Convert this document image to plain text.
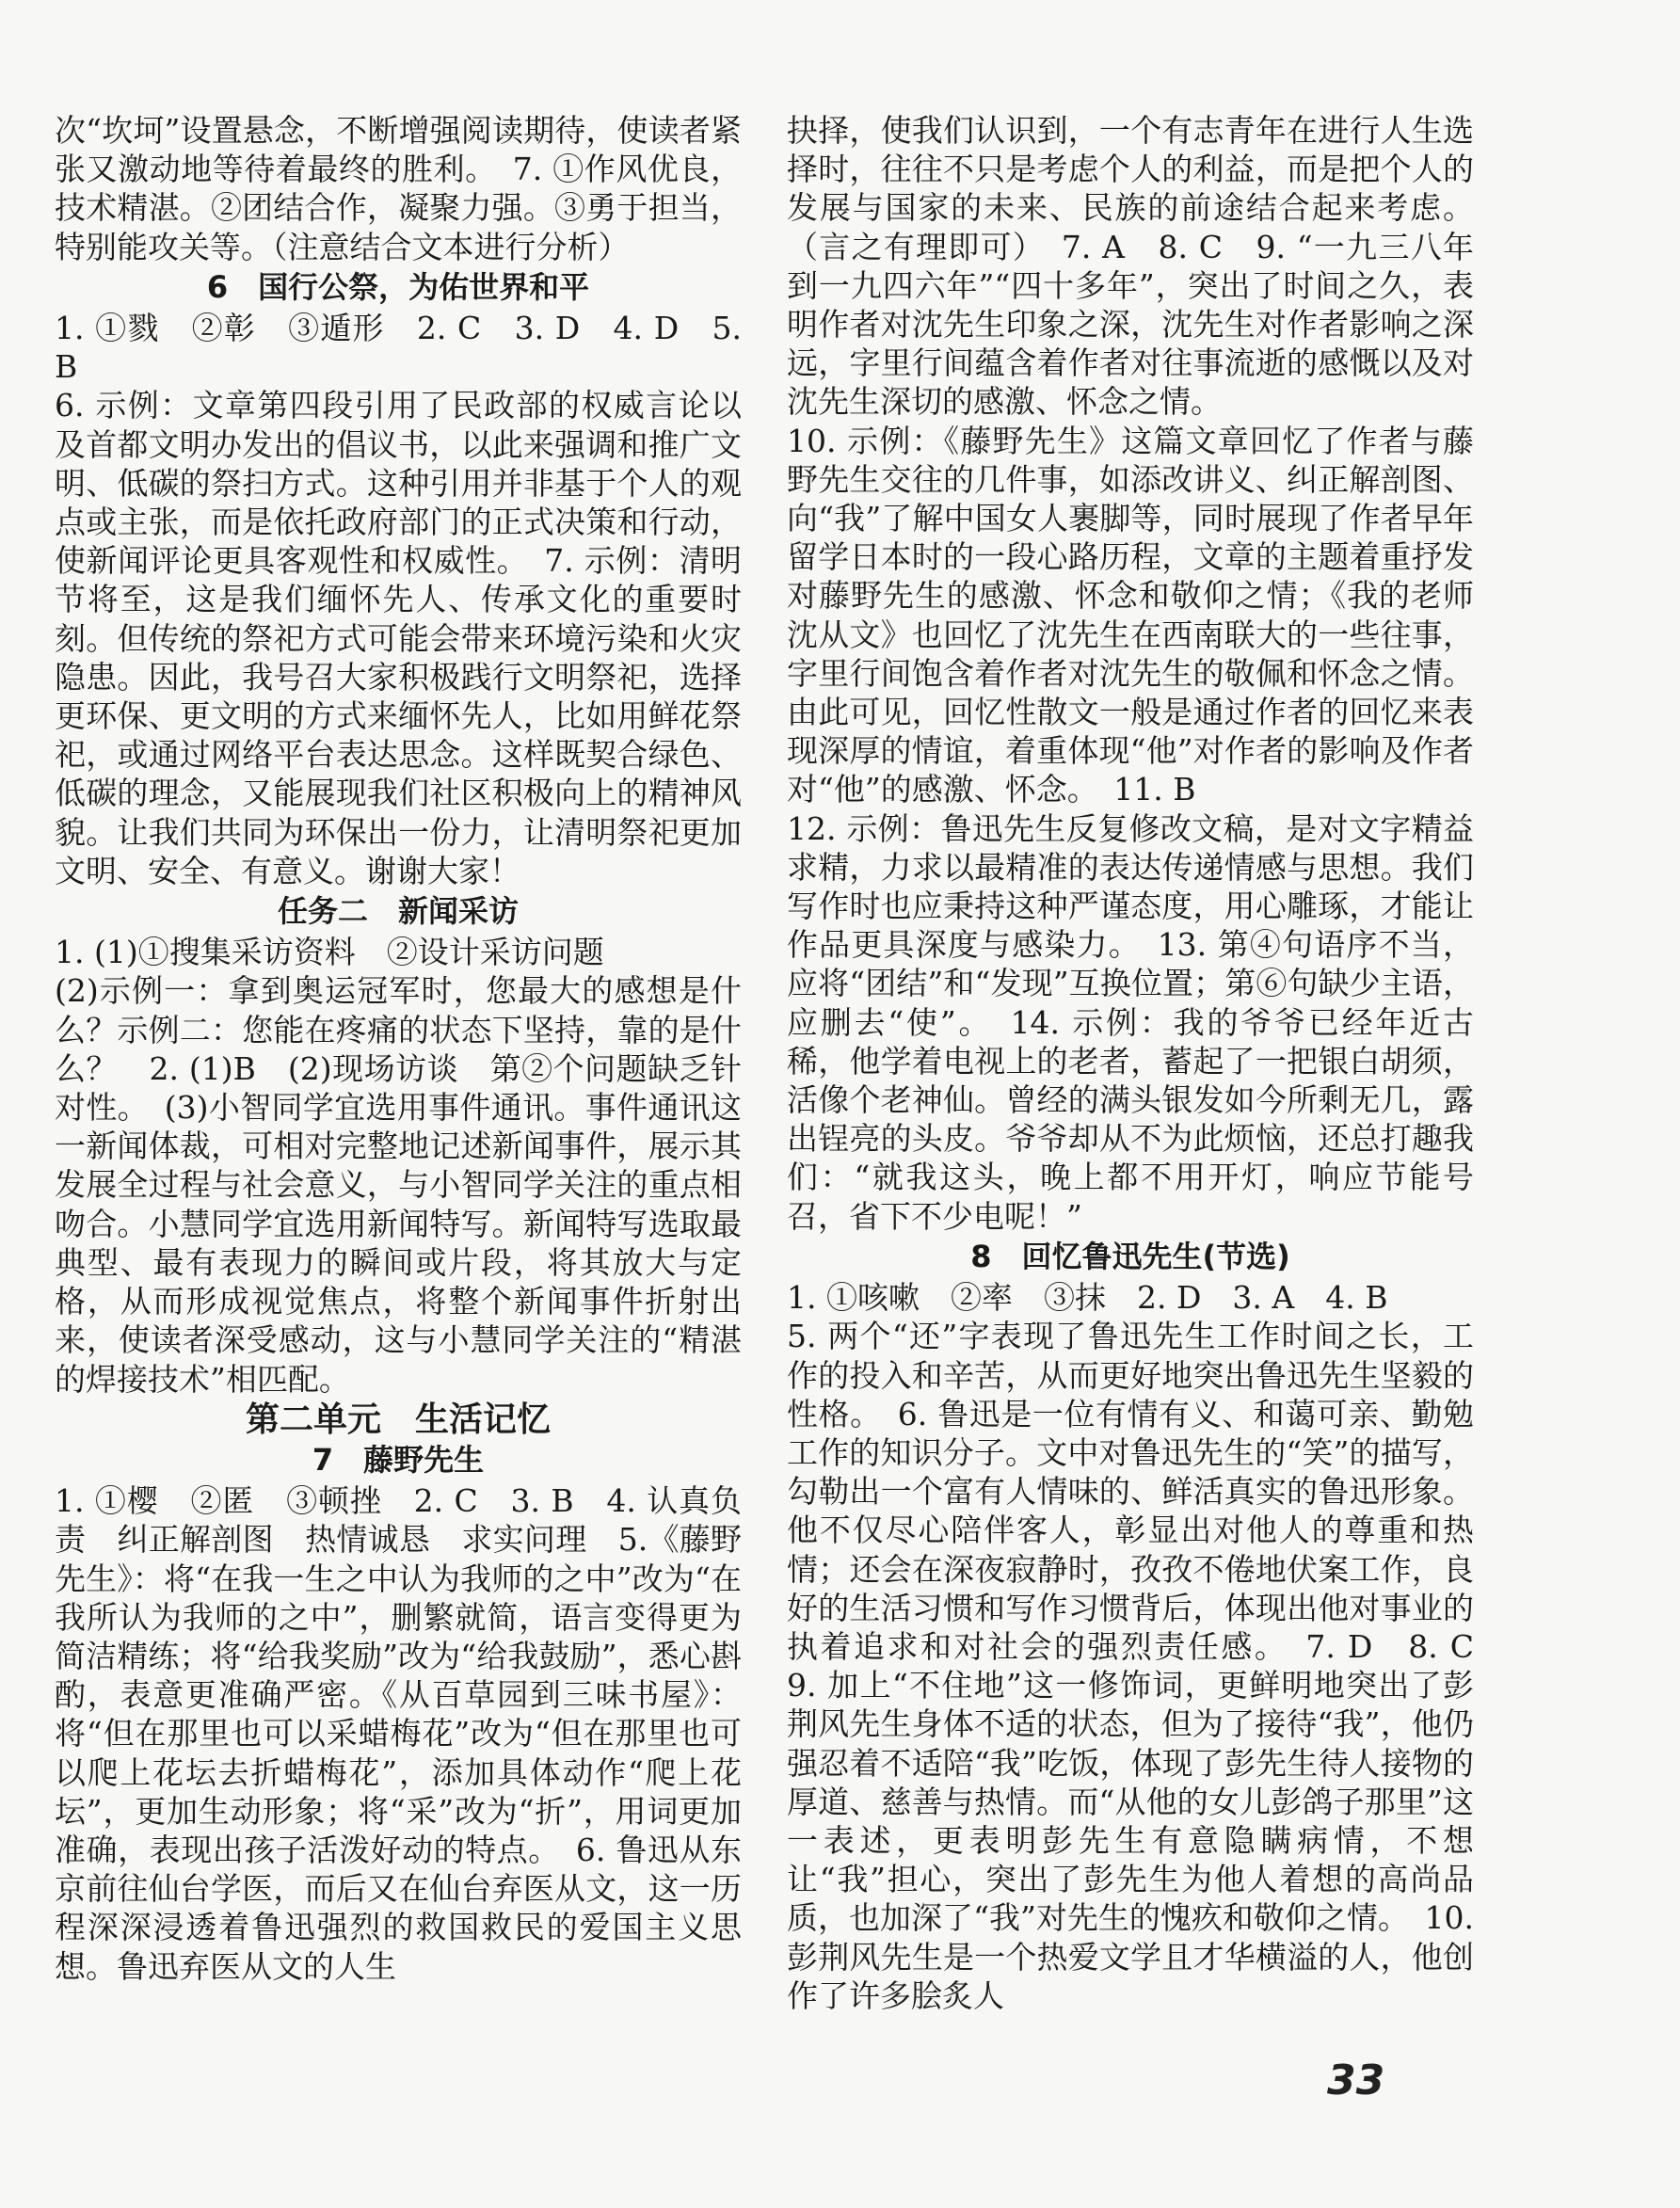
次“坎坷”设置悬念，不断增强阅读期待，使读者紧张又激动地等待着最终的胜利。　7. ①作风优良，技术精湛。②团结合作，凝聚力强。③勇于担当，特别能攻关等。（注意结合文本进行分析）

6　国行公祭，为佑世界和平

1. ①戮　②彰　③遁形　2. C　3. D　4. D　5. B

6. 示例：文章第四段引用了民政部的权威言论以及首都文明办发出的倡议书，以此来强调和推广文明、低碳的祭扫方式。这种引用并非基于个人的观点或主张，而是依托政府部门的正式决策和行动，使新闻评论更具客观性和权威性。　7. 示例：清明节将至，这是我们缅怀先人、传承文化的重要时刻。但传统的祭祀方式可能会带来环境污染和火灾隐患。因此，我号召大家积极践行文明祭祀，选择更环保、更文明的方式来缅怀先人，比如用鲜花祭祀，或通过网络平台表达思念。这样既契合绿色、低碳的理念，又能展现我们社区积极向上的精神风貌。让我们共同为环保出一份力，让清明祭祀更加文明、安全、有意义。谢谢大家！

任务二　新闻采访

1. (1)①搜集采访资料　②设计采访问题

(2)示例一：拿到奥运冠军时，您最大的感想是什么？示例二：您能在疼痛的状态下坚持，靠的是什么？　2. (1)B　(2)现场访谈　第②个问题缺乏针对性。　(3)小智同学宜选用事件通讯。事件通讯这一新闻体裁，可相对完整地记述新闻事件，展示其发展全过程与社会意义，与小智同学关注的重点相吻合。小慧同学宜选用新闻特写。新闻特写选取最典型、最有表现力的瞬间或片段，将其放大与定格，从而形成视觉焦点，将整个新闻事件折射出来，使读者深受感动，这与小慧同学关注的“精湛的焊接技术”相匹配。

第二单元　生活记忆

7　藤野先生

1. ①樱　②匿　③顿挫　2. C　3. B　4. 认真负责　纠正解剖图　热情诚恳　求实问理　5.《藤野先生》：将“在我一生之中认为我师的之中”改为“在我所认为我师的之中”，删繁就简，语言变得更为简洁精练；将“给我奖励”改为“给我鼓励”，悉心斟酌，表意更准确严密。《从百草园到三味书屋》：将“但在那里也可以采蜡梅花”改为“但在那里也可以爬上花坛去折蜡梅花”，添加具体动作“爬上花坛”，更加生动形象；将“采”改为“折”，用词更加准确，表现出孩子活泼好动的特点。　6. 鲁迅从东京前往仙台学医，而后又在仙台弃医从文，这一历程深深浸透着鲁迅强烈的救国救民的爱国主义思想。鲁迅弃医从文的人生

抉择，使我们认识到，一个有志青年在进行人生选择时，往往不只是考虑个人的利益，而是把个人的发展与国家的未来、民族的前途结合起来考虑。（言之有理即可）　7. A　8. C　9. “一九三八年到一九四六年”“四十多年”，突出了时间之久，表明作者对沈先生印象之深，沈先生对作者影响之深远，字里行间蕴含着作者对往事流逝的感慨以及对沈先生深切的感激、怀念之情。

10. 示例：《藤野先生》这篇文章回忆了作者与藤野先生交往的几件事，如添改讲义、纠正解剖图、向“我”了解中国女人裹脚等，同时展现了作者早年留学日本时的一段心路历程，文章的主题着重抒发对藤野先生的感激、怀念和敬仰之情；《我的老师沈从文》也回忆了沈先生在西南联大的一些往事，字里行间饱含着作者对沈先生的敬佩和怀念之情。由此可见，回忆性散文一般是通过作者的回忆来表现深厚的情谊，着重体现“他”对作者的影响及作者对“他”的感激、怀念。　11. B

12. 示例：鲁迅先生反复修改文稿，是对文字精益求精，力求以最精准的表达传递情感与思想。我们写作时也应秉持这种严谨态度，用心雕琢，才能让作品更具深度与感染力。　13. 第④句语序不当，应将“团结”和“发现”互换位置；第⑥句缺少主语，应删去“使”。　14. 示例：我的爷爷已经年近古稀，他学着电视上的老者，蓄起了一把银白胡须，活像个老神仙。曾经的满头银发如今所剩无几，露出锃亮的头皮。爷爷却从不为此烦恼，还总打趣我们：“就我这头，晚上都不用开灯，响应节能号召，省下不少电呢！”

8　回忆鲁迅先生(节选)

1. ①咳嗽　②率　③抹　2. D　3. A　4. B

5. 两个“还”字表现了鲁迅先生工作时间之长，工作的投入和辛苦，从而更好地突出鲁迅先生坚毅的性格。　6. 鲁迅是一位有情有义、和蔼可亲、勤勉工作的知识分子。文中对鲁迅先生的“笑”的描写，勾勒出一个富有人情味的、鲜活真实的鲁迅形象。他不仅尽心陪伴客人，彰显出对他人的尊重和热情；还会在深夜寂静时，孜孜不倦地伏案工作，良好的生活习惯和写作习惯背后，体现出他对事业的执着追求和对社会的强烈责任感。　7. D　8. C　9. 加上“不住地”这一修饰词，更鲜明地突出了彭荆风先生身体不适的状态，但为了接待“我”，他仍强忍着不适陪“我”吃饭，体现了彭先生待人接物的厚道、慈善与热情。而“从他的女儿彭鸽子那里”这一表述，更表明彭先生有意隐瞒病情，不想让“我”担心，突出了彭先生为他人着想的高尚品质，也加深了“我”对先生的愧疚和敬仰之情。　10. 彭荆风先生是一个热爱文学且才华横溢的人，他创作了许多脍炙人

33
